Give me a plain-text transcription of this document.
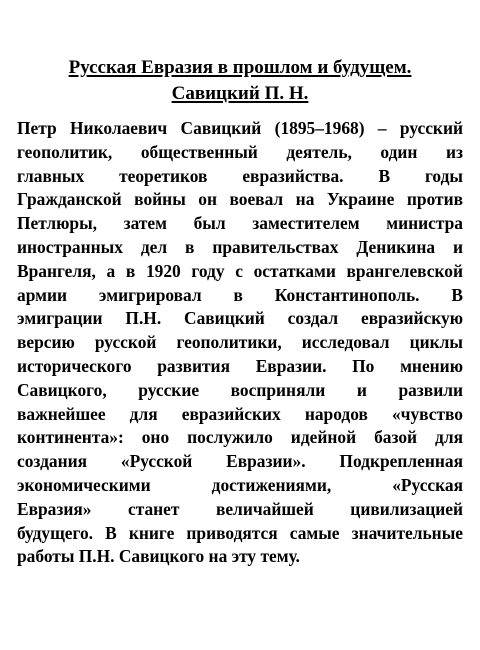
Русская Евразия в прошлом и будущем.
Савицкий П. Н.
Петр Николаевич Савицкий (1895–1968) – русский
геополитик, общественный деятель, один из
главных теоретиков евразийства. В годы
Гражданской войны он воевал на Украине против
Петлюры, затем был заместителем министра
иностранных дел в правительствах Деникина и
Врангеля, а в 1920 году с остатками врангелевской
армии эмигрировал в Константинополь. В
эмиграции П.Н. Савицкий создал евразийскую
версию русской геополитики, исследовал циклы
исторического развития Евразии. По мнению
Савицкого, русские восприняли и развили
важнейшее для евразийских народов «чувство
континента»: оно послужило идейной базой для
создания «Русской Евразии». Подкрепленная
экономическими достижениями, «Русская
Евразия» станет величайшей цивилизацией
будущего. В книге приводятся самые значительные
работы П.Н. Савицкого на эту тему.
